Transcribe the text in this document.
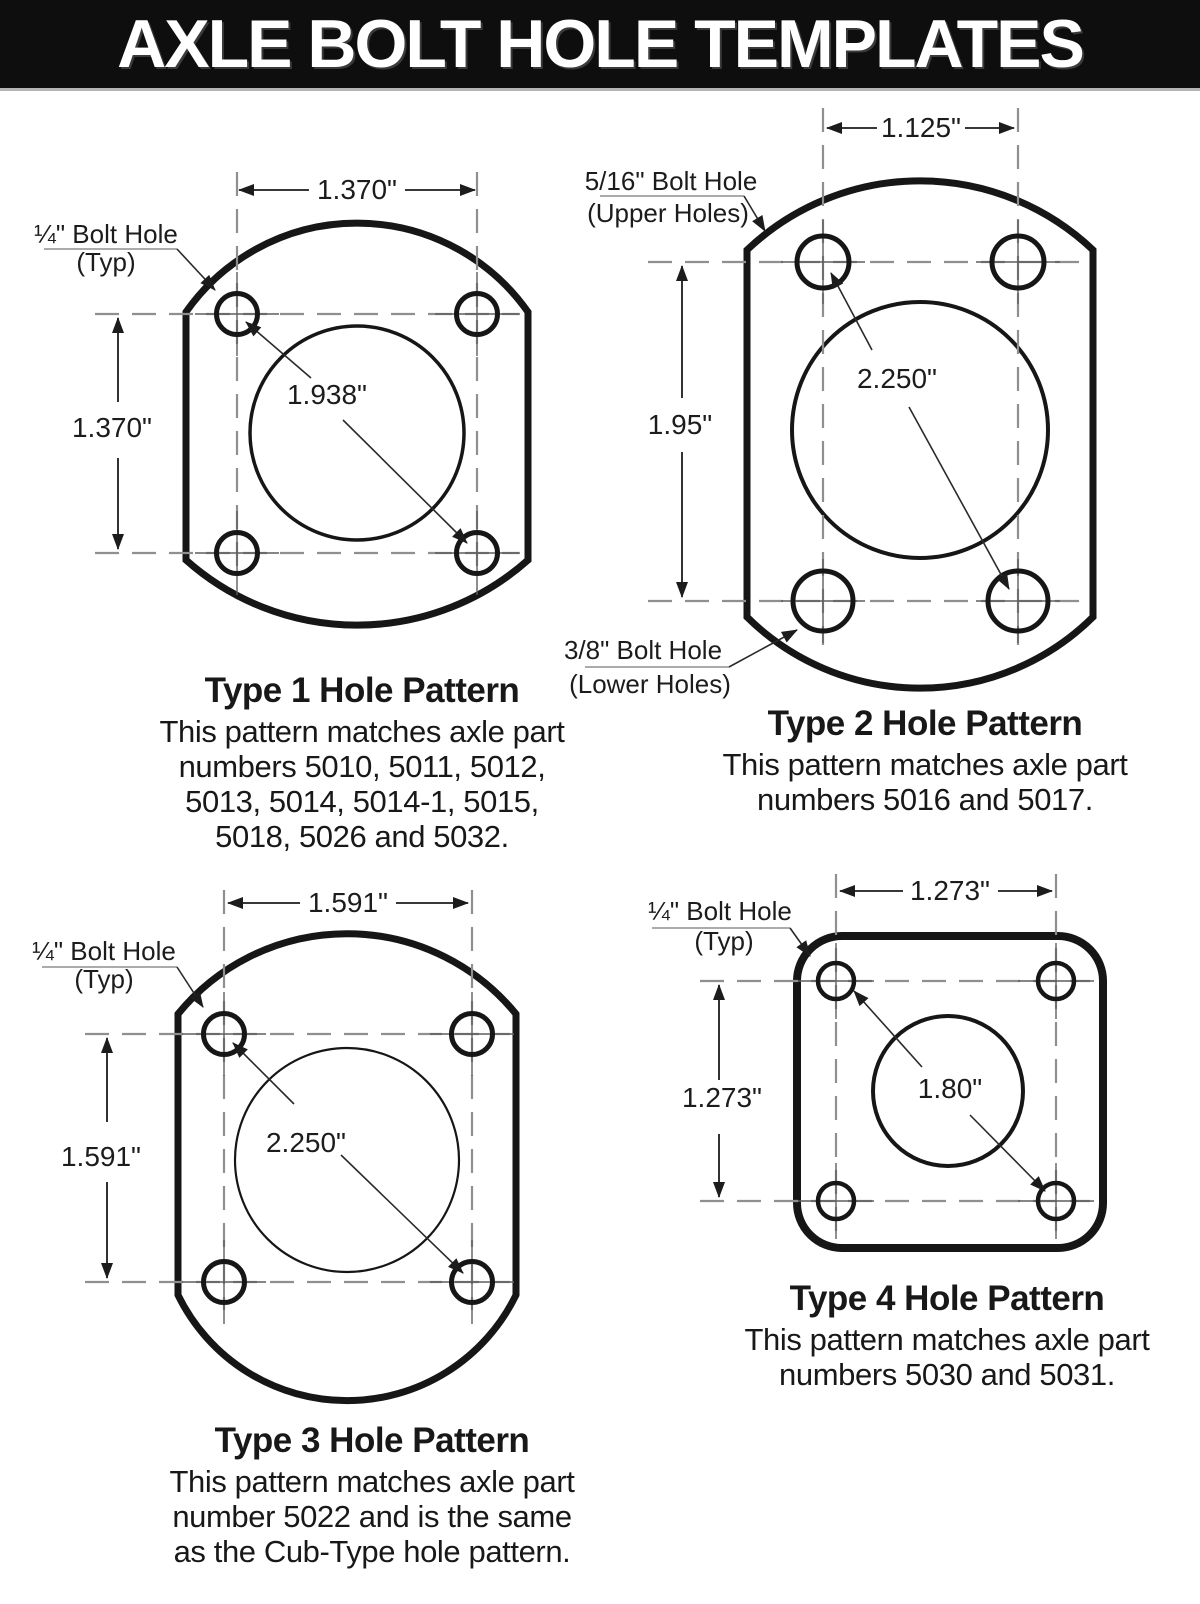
AXLE BOLT HOLE TEMPLATES
1.370"
1.370"
1.938"
¼" Bolt Hole
(Typ)
1.125"
1.95"
2.250"
5/16" Bolt Hole
(Upper Holes)
3/8" Bolt Hole
(Lower Holes)
1.591"
1.591"	2.250"
¼" Bolt Hole
(Typ)
1.273"
1.273"	1.80"
¼" Bolt Hole
(Typ)
Type 1 Hole Pattern
This pattern matches axle part
numbers 5010, 5011, 5012,
5013, 5014, 5014-1, 5015,
5018, 5026 and 5032.
Type 2 Hole Pattern
This pattern matches axle part
numbers 5016 and 5017.
Type 3 Hole Pattern
This pattern matches axle part
number 5022 and is the same
as the Cub-Type hole pattern.
Type 4 Hole Pattern
This pattern matches axle part
numbers 5030 and 5031.
